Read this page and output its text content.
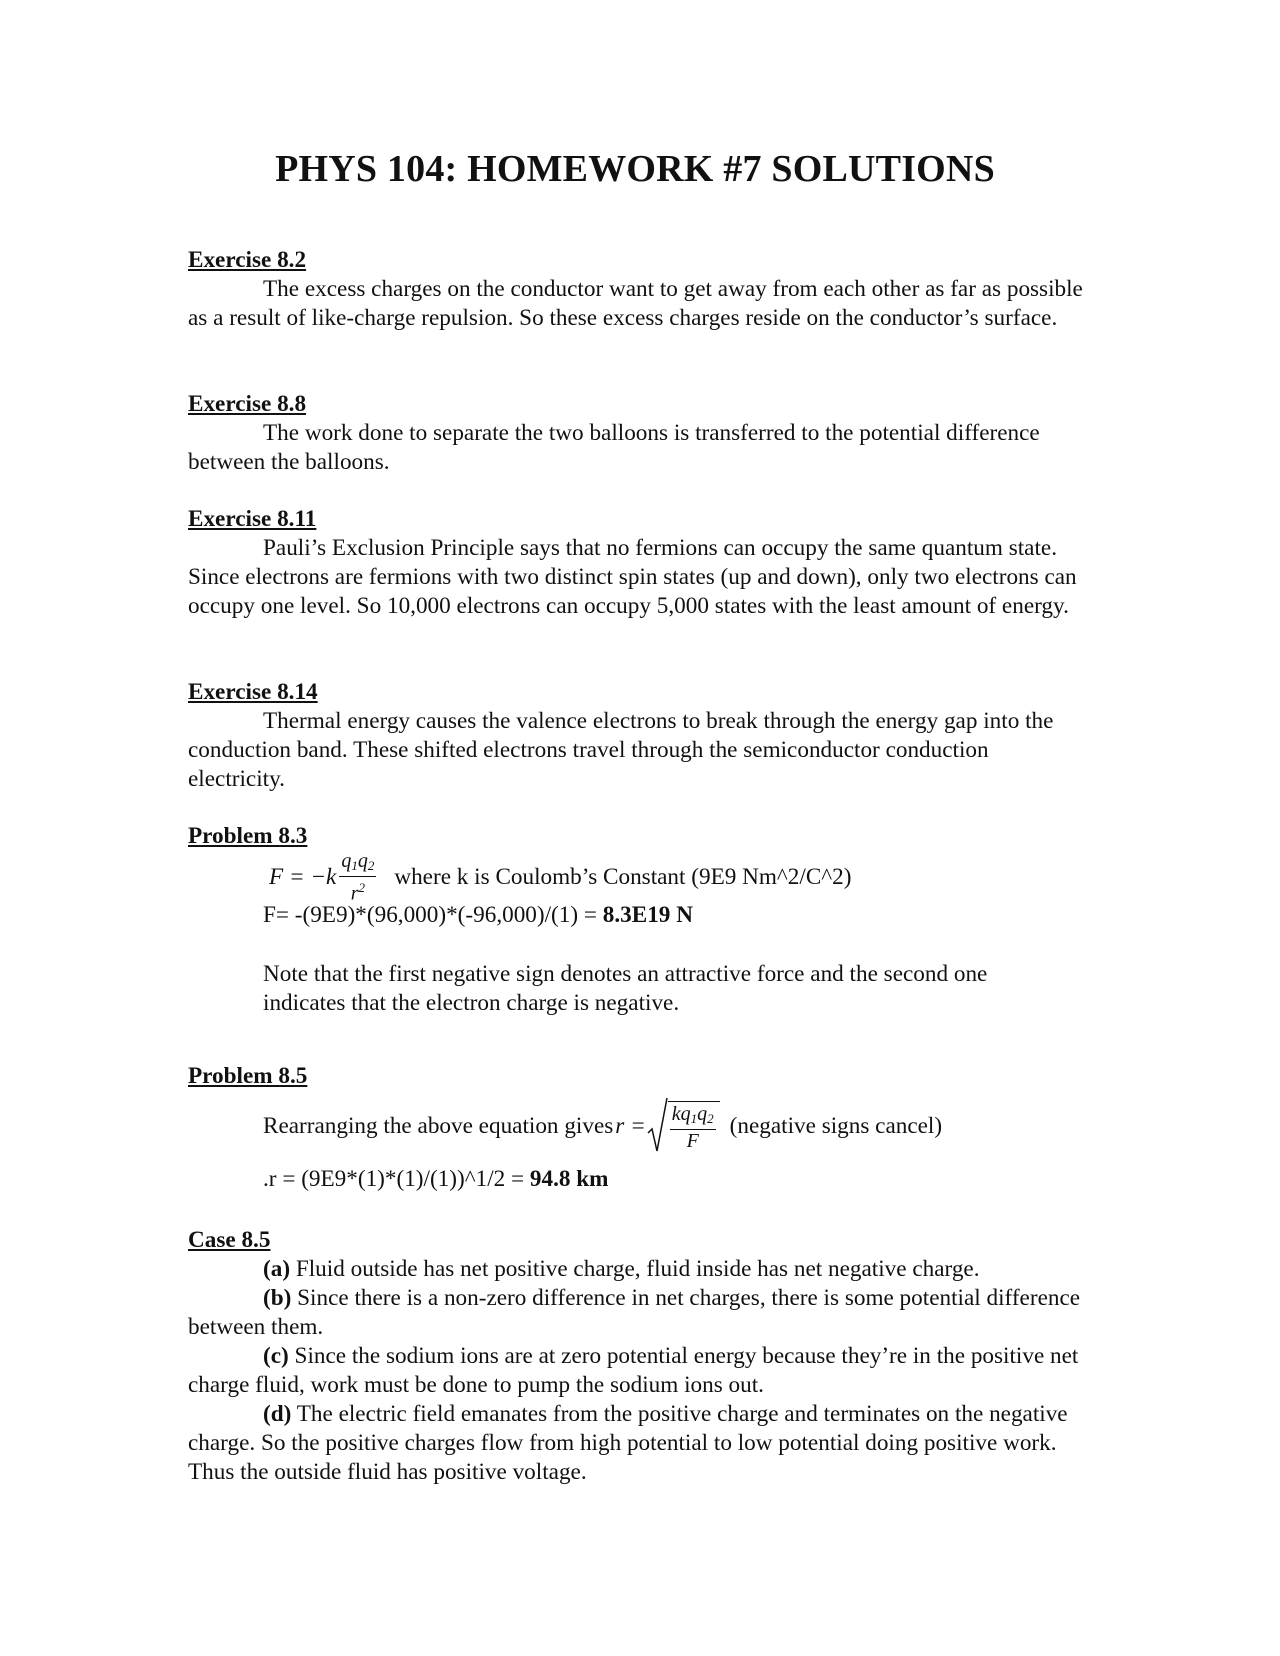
PHYS 104: HOMEWORK #7 SOLUTIONS

Exercise 8.2

The excess charges on the conductor want to get away from each other as far as possible as a result of like-charge repulsion. So these excess charges reside on the conductor’s surface.

Exercise 8.8

The work done to separate the two balloons is transferred to the potential difference between the balloons.

Exercise 8.11

Pauli’s Exclusion Principle says that no fermions can occupy the same quantum state. Since electrons are fermions with two distinct spin states (up and down), only two electrons can occupy one level. So 10,000 electrons can occupy 5,000 states with the least amount of energy.

Exercise 8.14

Thermal energy causes the valence electrons to break through the energy gap into the conduction band. These shifted electrons travel through the semiconductor conduction electricity.

Problem 8.3

$F = -k \frac{q_1q_2}{r^2}$ where k is Coulomb’s Constant (9E9 Nm^2/C^2)

F= -(9E9)*(96,000)*(-96,000)/(1) = 8.3E19 N

Note that the first negative sign denotes an attractive force and the second one indicates that the electron charge is negative.

Problem 8.5

Rearranging the above equation gives $r = \frac{kq_1q_2}{F}$ (negative signs cancel)

.r = (9E9*(1)*(1)/(1))^1/2 = 94.8 km

Case 8.5

(a) Fluid outside has net positive charge, fluid inside has net negative charge.

(b) Since there is a non-zero difference in net charges, there is some potential difference between them.

(c) Since the sodium ions are at zero potential energy because they’re in the positive net charge fluid, work must be done to pump the sodium ions out.

(d) The electric field emanates from the positive charge and terminates on the negative charge. So the positive charges flow from high potential to low potential doing positive work. Thus the outside fluid has positive voltage.
